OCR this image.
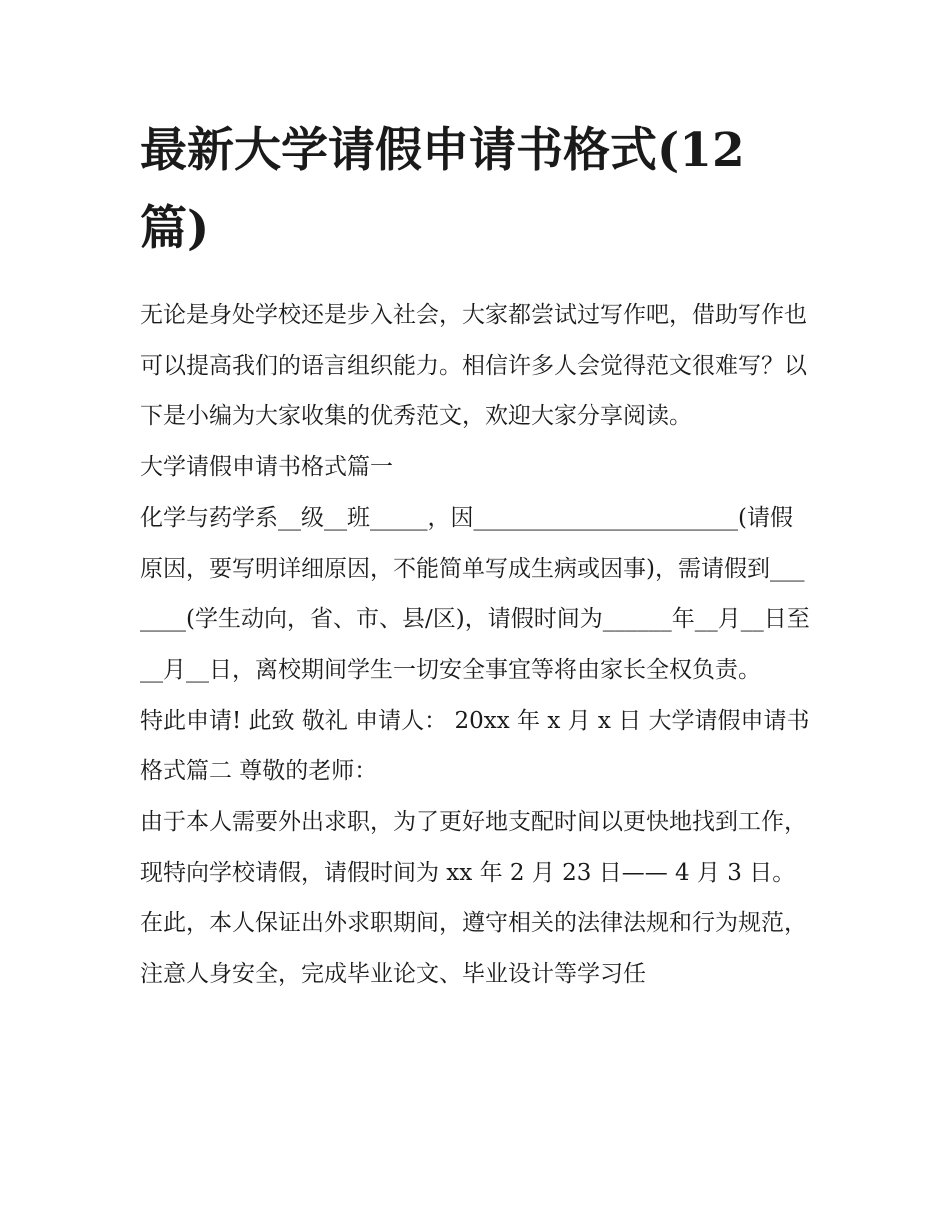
最新大学请假申请书格式(12篇)

无论是身处学校还是步入社会，大家都尝试过写作吧，借助写作也可以提高我们的语言组织能力。相信许多人会觉得范文很难写？以下是小编为大家收集的优秀范文，欢迎大家分享阅读。

大学请假申请书格式篇一

化学与药学系__级__班_____，因_______________________(请假原因，要写明详细原因，不能简单写成生病或因事)，需请假到_______(学生动向，省、市、县/区)，请假时间为______年__月__日至__月__日，离校期间学生一切安全事宜等将由家长全权负责。

特此申请! 此致 敬礼 申请人： 20xx 年 x 月 x 日 大学请假申请书格式篇二 尊敬的老师：

由于本人需要外出求职，为了更好地支配时间以更快地找到工作，现特向学校请假，请假时间为 xx 年 2 月 23 日—— 4 月 3 日。在此，本人保证出外求职期间，遵守相关的法律法规和行为规范，注意人身安全，完成毕业论文、毕业设计等学习任
